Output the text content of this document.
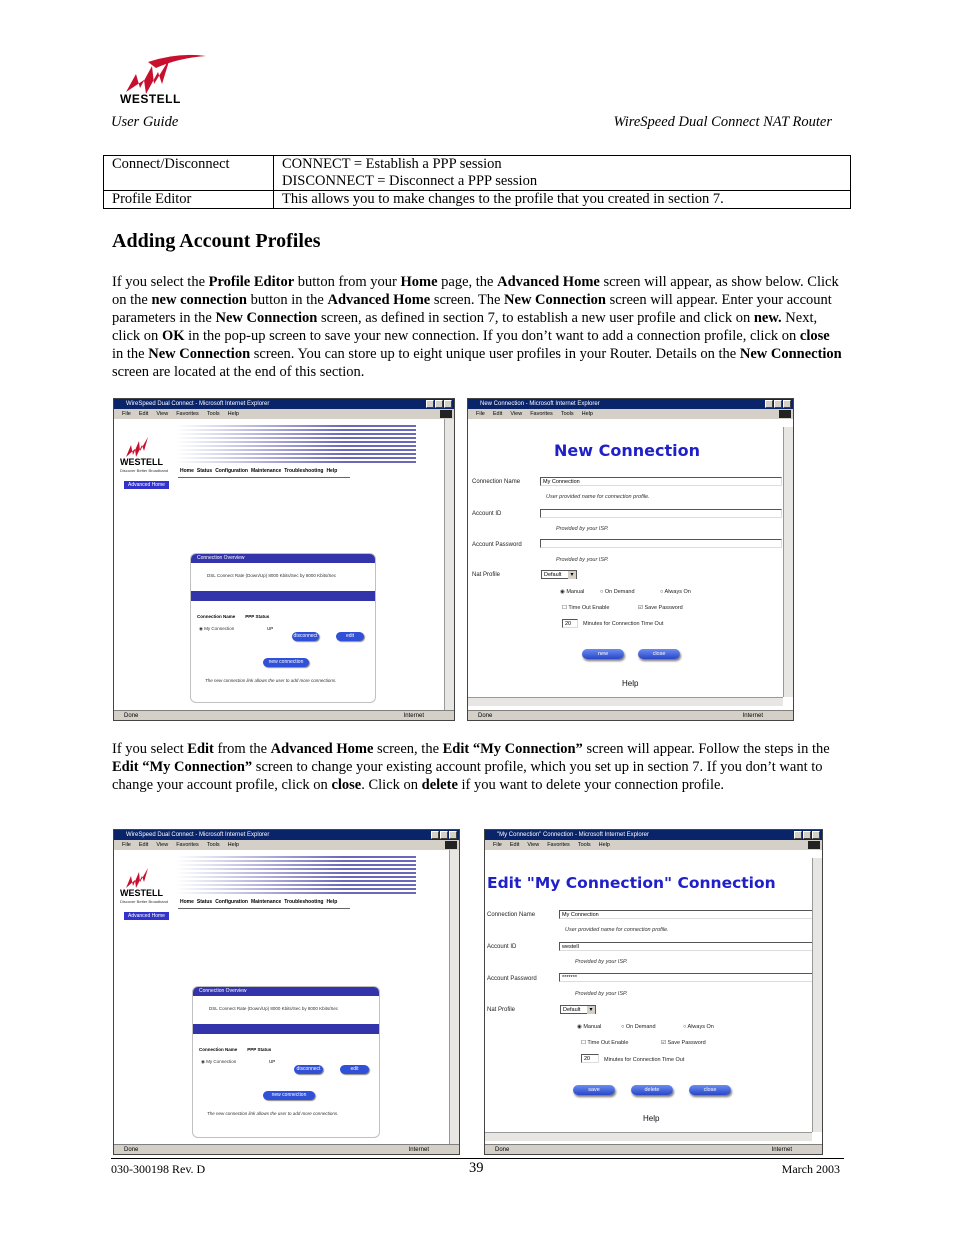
WESTELL
User Guide	WireSpeed Dual Connect NAT Router
Connect/Disconnect	CONNECT = Establish a PPP session
DISCONNECT = Disconnect a PPP session

Profile Editor	This allows you to make changes to the profile that you created in section 7.
Adding Account Profiles
If you select the Profile Editor button from your Home page, the Advanced Home screen will appear, as show below. Click on the new connection button in the Advanced Home screen. The New Connection screen will appear. Enter your account parameters in the New Connection screen, as defined in section 7, to establish a new user profile and click on new. Next, click on OK in the pop-up screen to save your new connection. If you don’t want to add a connection profile, click on close in the New Connection screen. You can store up to eight unique user profiles in your Router. Details on the New Connection screen are located at the end of this section.
WireSpeed Dual Connect - Microsoft Internet Explorer
File Edit View Favorites Tools Help
WESTELL
Discover Better Broadband Home Status Configuration Maintenance Troubleshooting Help
Advanced Home
Connection Overview
DSL Connect Rate (Down/Up) 8000 Kbits/Sec by 8000 Kbits/Sec
Connection Name PPP Status
◉ My Connection	UP
disconnect	edit
new connection
The new connection link allows the user to add more connections.
Done	Internet
New Connection - Microsoft Internet Explorer
File Edit View Favorites Tools Help
New Connection
Connection Name	My Connection
User provided name for connection profile.
Account ID
Provided by your ISP.
Account Password
Provided by your ISP.
Nat Profile	Default ▾
◉ Manual	○ On Demand	○ Always On
☐ Time Out Enable	☑ Save Password
20	Minutes for Connection Time Out
new	close
Help
Done	Internet
If you select Edit from the Advanced Home screen, the Edit “My Connection” screen will appear. Follow the steps in the Edit “My Connection” screen to change your existing account profile, which you set up in section 7. If you don’t want to change your account profile, click on close. Click on delete if you want to delete your connection profile.
WireSpeed Dual Connect - Microsoft Internet Explorer
File Edit View Favorites Tools Help
WESTELL
Discover Better Broadband Home Status Configuration Maintenance Troubleshooting Help
Advanced Home
Connection Overview
DSL Connect Rate (Down/Up) 8000 Kbits/Sec by 8000 Kbits/Sec
Connection Name PPP Status
◉ My Connection	UP
disconnect	edit
new connection
The new connection link allows the user to add more connections.
Done	Internet
"My Connection" Connection - Microsoft Internet Explorer
File Edit View Favorites Tools Help
Edit "My Connection" Connection
Connection Name	My Connection
User provided name for connection profile.
Account ID	westell
Provided by your ISP.
Account Password	*******
Provided by your ISP.
Nat Profile	Default ▾
◉ Manual	○ On Demand	○ Always On
☐ Time Out Enable	☑ Save Password
20	Minutes for Connection Time Out
save	delete	close
Help
Done	Internet
030-300198 Rev. D	39	March 2003
